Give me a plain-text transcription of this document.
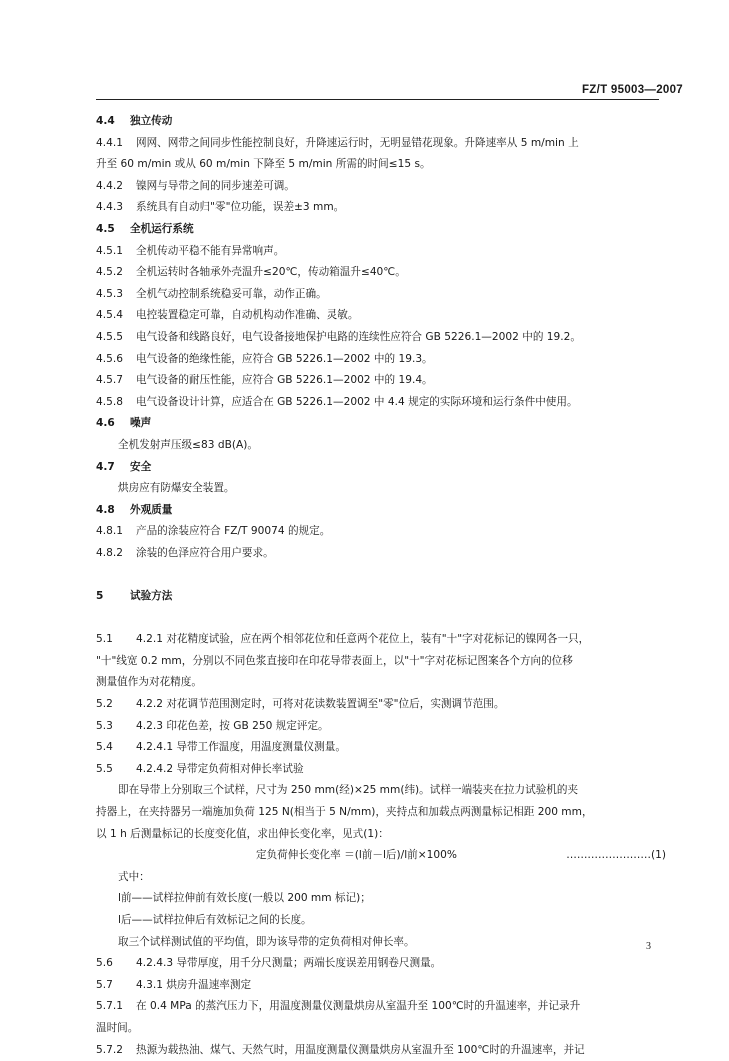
FZ/T 95003—2007
4.4 独立传动
4.4.1 网网、网带之间同步性能控制良好，升降速运行时，无明显错花现象。升降速率从 5 m/min 上
升至 60 m/min 或从 60 m/min 下降至 5 m/min 所需的时间≤15 s。
4.4.2 镍网与导带之间的同步速差可调。
4.4.3 系统具有自动归"零"位功能，误差±3 mm。
4.5 全机运行系统
4.5.1 全机传动平稳不能有异常响声。
4.5.2 全机运转时各轴承外壳温升≤20℃，传动箱温升≤40℃。
4.5.3 全机气动控制系统稳妥可靠，动作正确。
4.5.4 电控装置稳定可靠，自动机构动作准确、灵敏。
4.5.5 电气设备和线路良好，电气设备接地保护电路的连续性应符合 GB 5226.1—2002 中的 19.2。
4.5.6 电气设备的绝缘性能，应符合 GB 5226.1—2002 中的 19.3。
4.5.7 电气设备的耐压性能，应符合 GB 5226.1—2002 中的 19.4。
4.5.8 电气设备设计计算，应适合在 GB 5226.1—2002 中 4.4 规定的实际环境和运行条件中使用。
4.6 噪声
全机发射声压级≤83 dB(A)。
4.7 安全
烘房应有防爆安全装置。
4.8 外观质量
4.8.1 产品的涂装应符合 FZ/T 90074 的规定。
4.8.2 涂装的色泽应符合用户要求。
5	试验方法
5.1 4.2.1 对花精度试验，应在两个相邻花位和任意两个花位上，装有"十"字对花标记的镍网各一只，
"十"线宽 0.2 mm，分别以不同色浆直接印在印花导带表面上，以"十"字对花标记图案各个方向的位移
测量值作为对花精度。
5.2 4.2.2 对花调节范围测定时，可将对花读数装置调至"零"位后，实测调节范围。
5.3 4.2.3 印花色差，按 GB 250 规定评定。
5.4 4.2.4.1 导带工作温度，用温度测量仪测量。
5.5 4.2.4.2 导带定负荷相对伸长率试验
即在导带上分别取三个试样，尺寸为 250 mm(经)×25 mm(纬)。试样一端装夹在拉力试验机的夹
持器上，在夹持器另一端施加负荷 125 N(相当于 5 N/mm)，夹持点和加载点两测量标记相距 200 mm，
以 1 h 后测量标记的长度变化值，求出伸长变化率，见式(1)：
定负荷伸长变化率 ＝(l前－l后)/l前×100%	……………………(1)
式中：
l前——试样拉伸前有效长度(一般以 200 mm 标记)；
l后——试样拉伸后有效标记之间的长度。
取三个试样测试值的平均值，即为该导带的定负荷相对伸长率。
5.6 4.2.4.3 导带厚度，用千分尺测量；两端长度误差用钢卷尺测量。
5.7 4.3.1 烘房升温速率测定
5.7.1 在 0.4 MPa 的蒸汽压力下，用温度测量仪测量烘房从室温升至 100℃时的升温速率，并记录升
温时间。
5.7.2 热源为载热油、煤气、天然气时，用温度测量仪测量烘房从室温升至 100℃时的升温速率，并记
3
